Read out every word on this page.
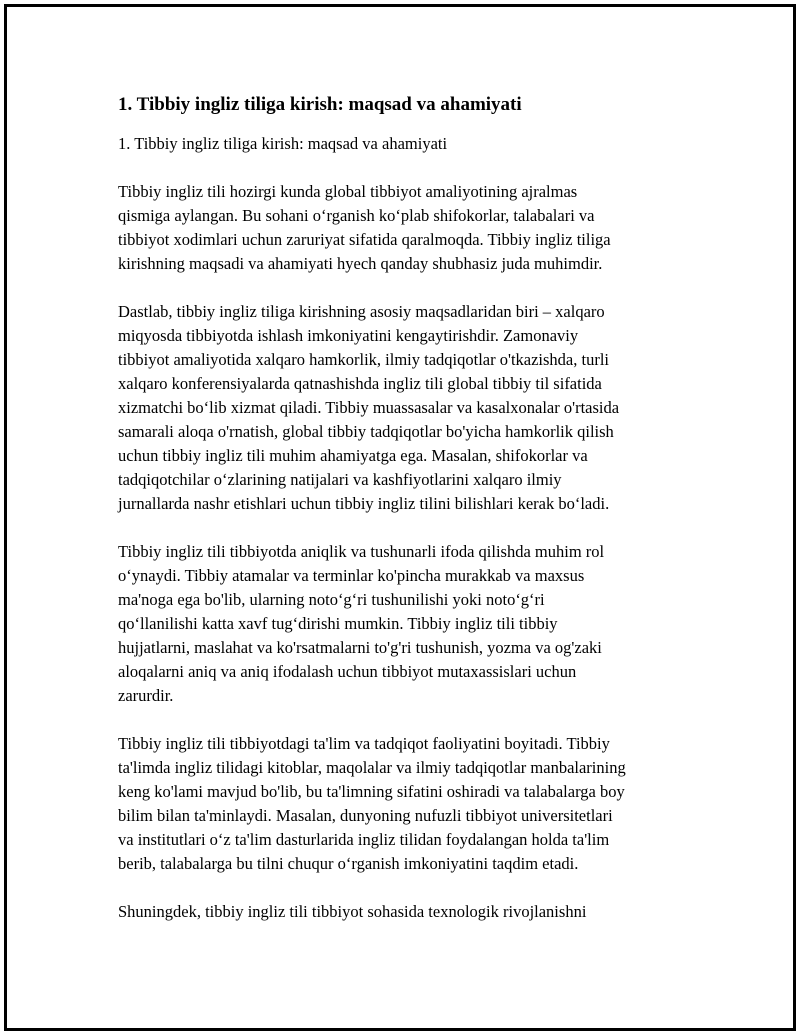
1. Tibbiy ingliz tiliga kirish: maqsad va ahamiyati
1. Tibbiy ingliz tiliga kirish: maqsad va ahamiyati
Tibbiy ingliz tili hozirgi kunda global tibbiyot amaliyotining ajralmas
qismiga aylangan. Bu sohani o‘rganish ko‘plab shifokorlar, talabalari va
tibbiyot xodimlari uchun zaruriyat sifatida qaralmoqda. Tibbiy ingliz tiliga
kirishning maqsadi va ahamiyati hyech qanday shubhasiz juda muhimdir.
Dastlab, tibbiy ingliz tiliga kirishning asosiy maqsadlaridan biri – xalqaro
miqyosda tibbiyotda ishlash imkoniyatini kengaytirishdir. Zamonaviy
tibbiyot amaliyotida xalqaro hamkorlik, ilmiy tadqiqotlar o'tkazishda, turli
xalqaro konferensiyalarda qatnashishda ingliz tili global tibbiy til sifatida
xizmatchi bo‘lib xizmat qiladi. Tibbiy muassasalar va kasalxonalar o'rtasida
samarali aloqa o'rnatish, global tibbiy tadqiqotlar bo'yicha hamkorlik qilish
uchun tibbiy ingliz tili muhim ahamiyatga ega. Masalan, shifokorlar va
tadqiqotchilar o‘zlarining natijalari va kashfiyotlarini xalqaro ilmiy
jurnallarda nashr etishlari uchun tibbiy ingliz tilini bilishlari kerak bo‘ladi.
Tibbiy ingliz tili tibbiyotda aniqlik va tushunarli ifoda qilishda muhim rol
o‘ynaydi. Tibbiy atamalar va terminlar ko'pincha murakkab va maxsus
ma'noga ega bo'lib, ularning noto‘g‘ri tushunilishi yoki noto‘g‘ri
qo‘llanilishi katta xavf tug‘dirishi mumkin. Tibbiy ingliz tili tibbiy
hujjatlarni, maslahat va ko'rsatmalarni to'g'ri tushunish, yozma va og'zaki
aloqalarni aniq va aniq ifodalash uchun tibbiyot mutaxassislari uchun
zarurdir.
Tibbiy ingliz tili tibbiyotdagi ta'lim va tadqiqot faoliyatini boyitadi. Tibbiy
ta'limda ingliz tilidagi kitoblar, maqolalar va ilmiy tadqiqotlar manbalarining
keng ko'lami mavjud bo'lib, bu ta'limning sifatini oshiradi va talabalarga boy
bilim bilan ta'minlaydi. Masalan, dunyoning nufuzli tibbiyot universitetlari
va institutlari o‘z ta'lim dasturlarida ingliz tilidan foydalangan holda ta'lim
berib, talabalarga bu tilni chuqur o‘rganish imkoniyatini taqdim etadi.
Shuningdek, tibbiy ingliz tili tibbiyot sohasida texnologik rivojlanishni
